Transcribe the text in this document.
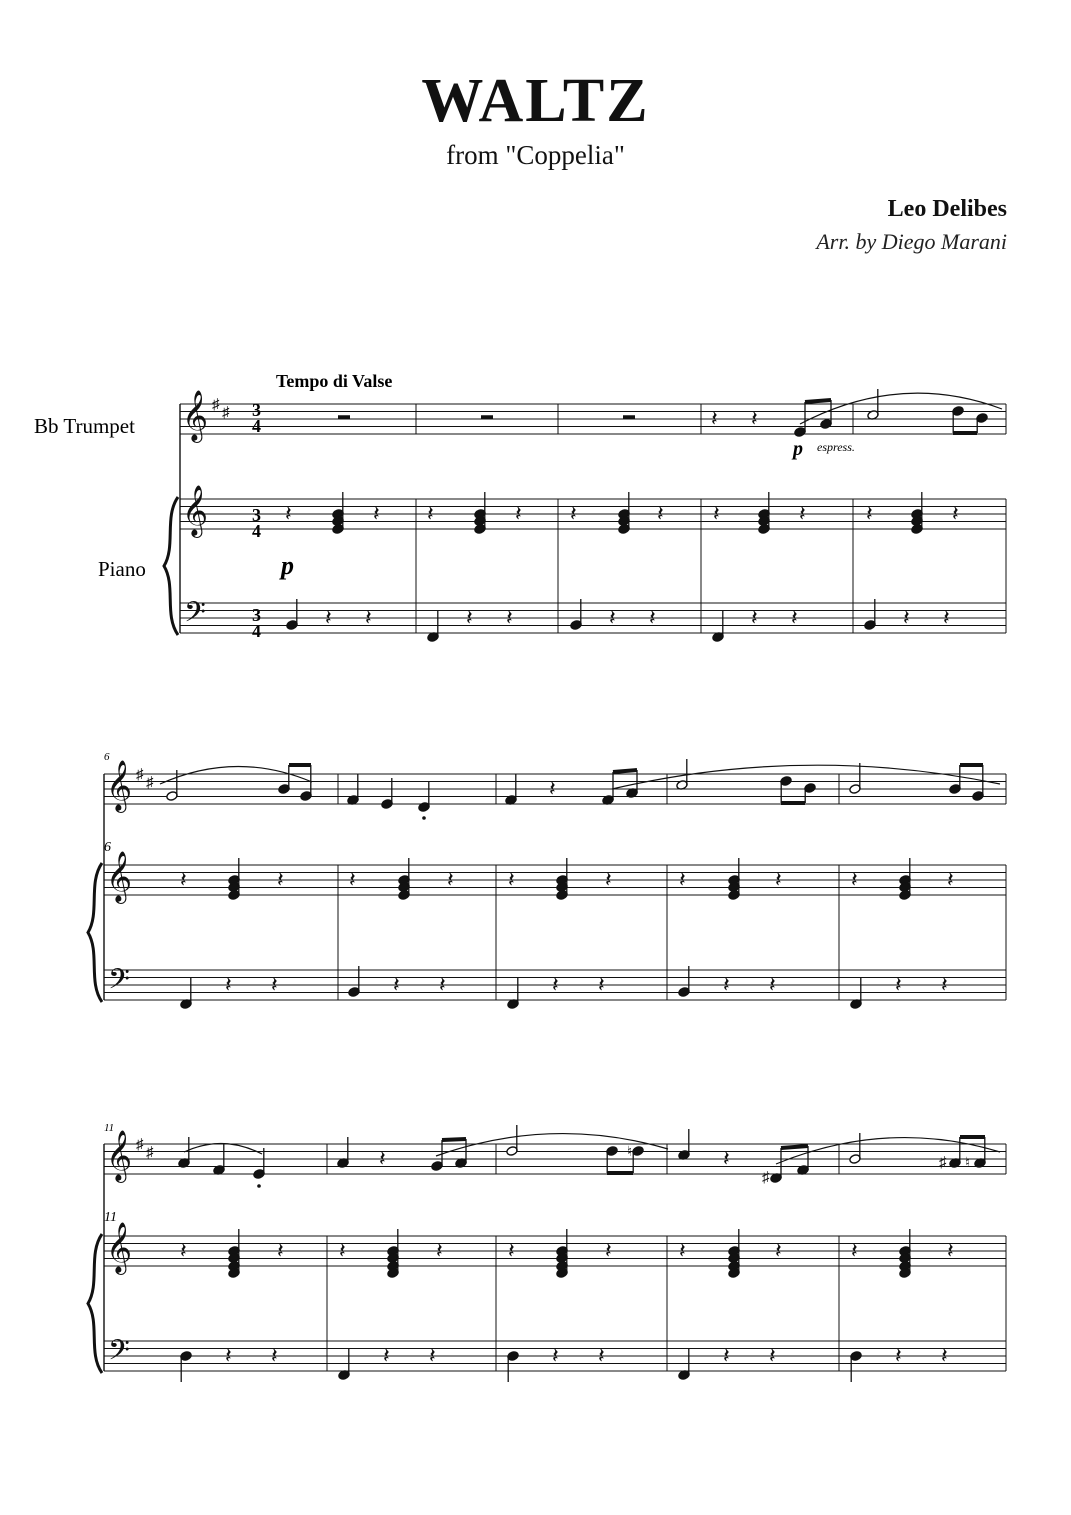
WALTZ
from "Coppelia"
Leo Delibes
Arr. by Diego Marani
Tempo di Valse
Bb Trumpet
Piano
3
4
3
4
3
4
p espress.
p
6
6
11
11
𝄞 ♯ ♯
𝄞
𝄢
𝄽 𝄽
𝄽	𝄽 𝄽	𝄽 𝄽	𝄽 𝄽	𝄽	𝄽	𝄽
𝄽 𝄽	𝄽 𝄽	𝄽 𝄽	𝄽 𝄽	𝄽 𝄽
𝄞 ♯ ♯
𝄞
𝄢
𝄽
𝄽	𝄽	𝄽	𝄽 𝄽	𝄽	𝄽	𝄽	𝄽	𝄽
𝄽 𝄽	𝄽 𝄽	𝄽 𝄽	𝄽 𝄽	𝄽 𝄽
𝄞 ♯ ♯
𝄞
𝄢
𝄽	♮	𝄽
♯
♯ ♮
𝄽	𝄽	𝄽	𝄽	𝄽	𝄽	𝄽	𝄽	𝄽	𝄽
𝄽 𝄽	𝄽 𝄽	𝄽 𝄽	𝄽 𝄽	𝄽 𝄽
